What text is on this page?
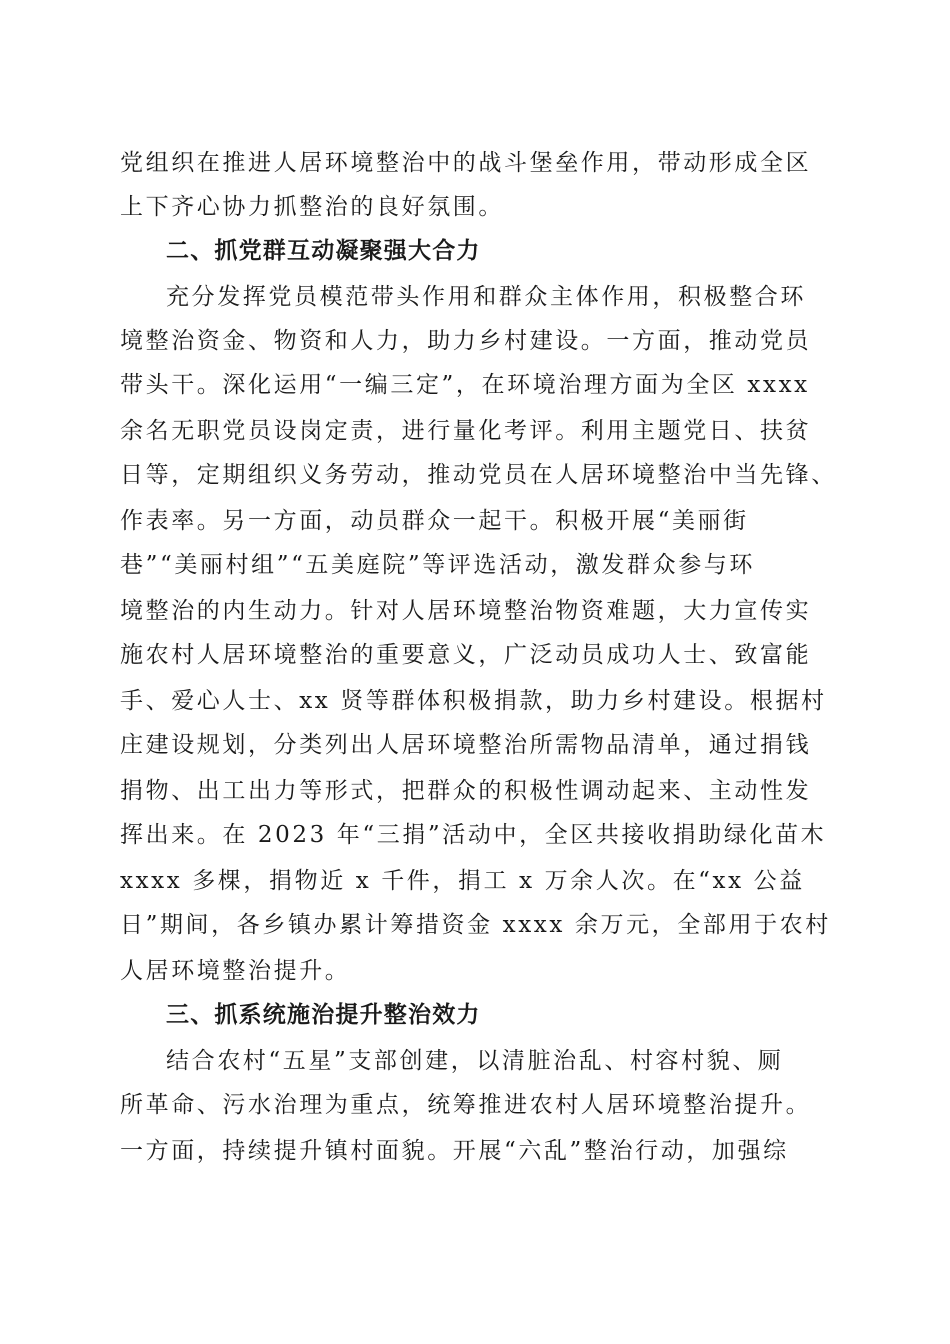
党组织在推进人居环境整治中的战斗堡垒作用，带动形成全区
上下齐心协力抓整治的良好氛围。
二、抓党群互动凝聚强大合力
充分发挥党员模范带头作用和群众主体作用，积极整合环
境整治资金、物资和人力，助力乡村建设。一方面，推动党员
带头干。深化运用“一编三定”，在环境治理方面为全区 xxxx
余名无职党员设岗定责，进行量化考评。利用主题党日、扶贫
日等，定期组织义务劳动，推动党员在人居环境整治中当先锋、
作表率。另一方面，动员群众一起干。积极开展“美丽街
巷”“美丽村组”“五美庭院”等评选活动，激发群众参与环
境整治的内生动力。针对人居环境整治物资难题，大力宣传实
施农村人居环境整治的重要意义，广泛动员成功人士、致富能
手、爱心人士、xx 贤等群体积极捐款，助力乡村建设。根据村
庄建设规划，分类列出人居环境整治所需物品清单，通过捐钱
捐物、出工出力等形式，把群众的积极性调动起来、主动性发
挥出来。在 2023 年“三捐”活动中，全区共接收捐助绿化苗木
xxxx 多棵，捐物近 x 千件，捐工 x 万余人次。在“xx 公益
日”期间，各乡镇办累计筹措资金 xxxx 余万元，全部用于农村
人居环境整治提升。
三、抓系统施治提升整治效力
结合农村“五星”支部创建，以清脏治乱、村容村貌、厕
所革命、污水治理为重点，统筹推进农村人居环境整治提升。
一方面，持续提升镇村面貌。开展“六乱”整治行动，加强综
